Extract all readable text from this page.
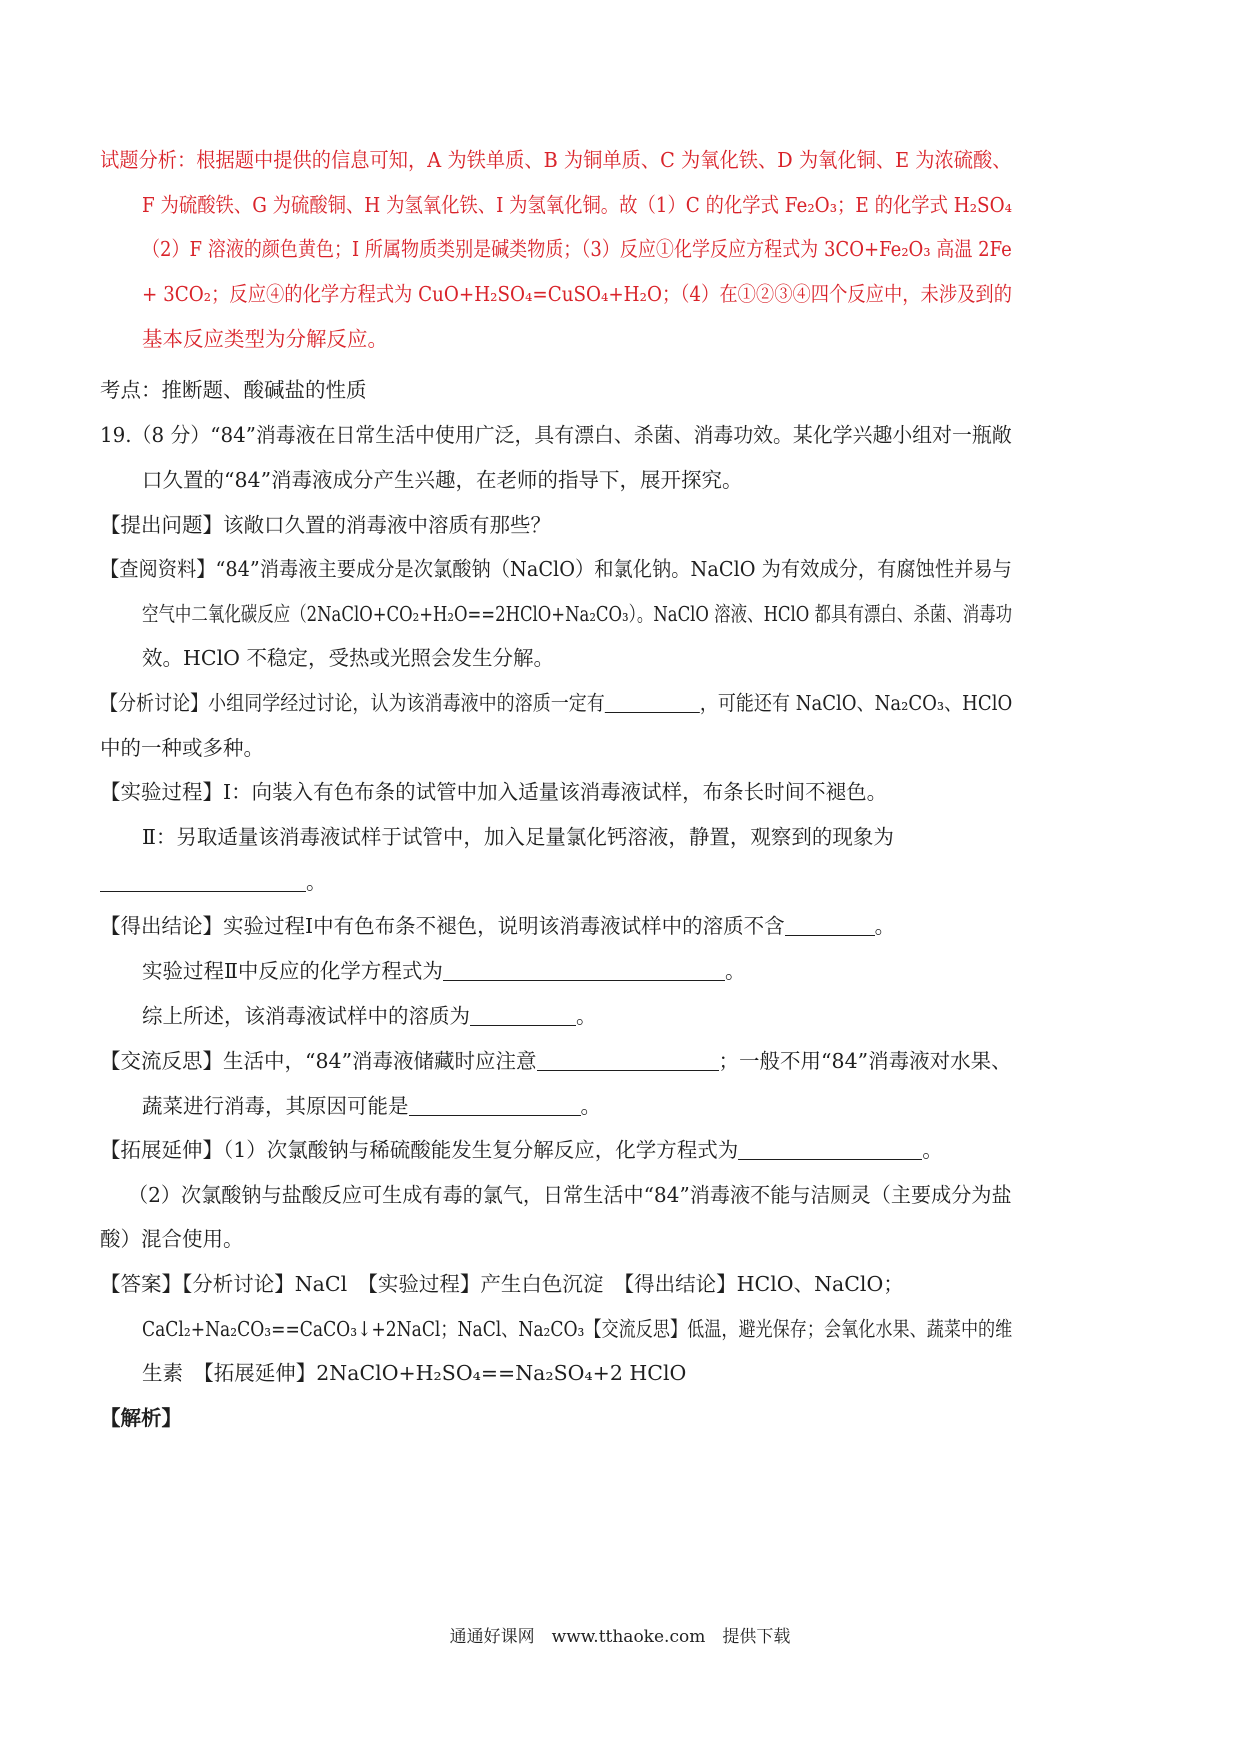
试题分析：根据题中提供的信息可知，A 为铁单质、B 为铜单质、C 为氧化铁、D 为氧化铜、E 为浓硫酸、
F 为硫酸铁、G 为硫酸铜、H 为氢氧化铁、I 为氢氧化铜。故（1）C 的化学式 Fe₂O₃；E 的化学式 H₂SO₄
（2）F 溶液的颜色黄色；I 所属物质类别是碱类物质；（3）反应①化学反应方程式为 3CO+Fe₂O₃ 高温 2Fe
+ 3CO₂；反应④的化学方程式为 CuO+H₂SO₄=CuSO₄+H₂O；（4）在①②③④四个反应中，未涉及到的
基本反应类型为分解反应。
考点：推断题、酸碱盐的性质
19.（8 分）“84”消毒液在日常生活中使用广泛，具有漂白、杀菌、消毒功效。某化学兴趣小组对一瓶敞
口久置的“84”消毒液成分产生兴趣，在老师的指导下，展开探究。
【提出问题】该敞口久置的消毒液中溶质有那些？
【查阅资料】“84”消毒液主要成分是次氯酸钠（NaClO）和氯化钠。NaClO 为有效成分，有腐蚀性并易与
空气中二氧化碳反应（2NaClO+CO₂+H₂O==2HClO+Na₂CO₃）。NaClO 溶液、HClO 都具有漂白、杀菌、消毒功
效。HClO 不稳定，受热或光照会发生分解。
【分析讨论】小组同学经过讨论，认为该消毒液中的溶质一定有	，可能还有 NaClO、Na₂CO₃、HClO
中的一种或多种。
【实验过程】Ⅰ：向装入有色布条的试管中加入适量该消毒液试样，布条长时间不褪色。
Ⅱ：另取适量该消毒液试样于试管中，加入足量氯化钙溶液，静置，观察到的现象为
。
【得出结论】实验过程Ⅰ中有色布条不褪色，说明该消毒液试样中的溶质不含	。
实验过程Ⅱ中反应的化学方程式为	。
综上所述，该消毒液试样中的溶质为	。
【交流反思】生活中，“84”消毒液储藏时应注意	；一般不用“84”消毒液对水果、
蔬菜进行消毒，其原因可能是	。
【拓展延伸】（1）次氯酸钠与稀硫酸能发生复分解反应，化学方程式为	。
（2）次氯酸钠与盐酸反应可生成有毒的氯气，日常生活中“84”消毒液不能与洁厕灵（主要成分为盐
酸）混合使用。
【答案】【分析讨论】NaCl　【实验过程】产生白色沉淀　【得出结论】HClO、NaClO；
CaCl₂+Na₂CO₃==CaCO₃↓+2NaCl；NaCl、Na₂CO₃【交流反思】低温，避光保存；会氧化水果、蔬菜中的维
生素　【拓展延伸】2NaClO+H₂SO₄==Na₂SO₄+2 HClO
【解析】
通通好课网　www.tthaoke.com　提供下载
